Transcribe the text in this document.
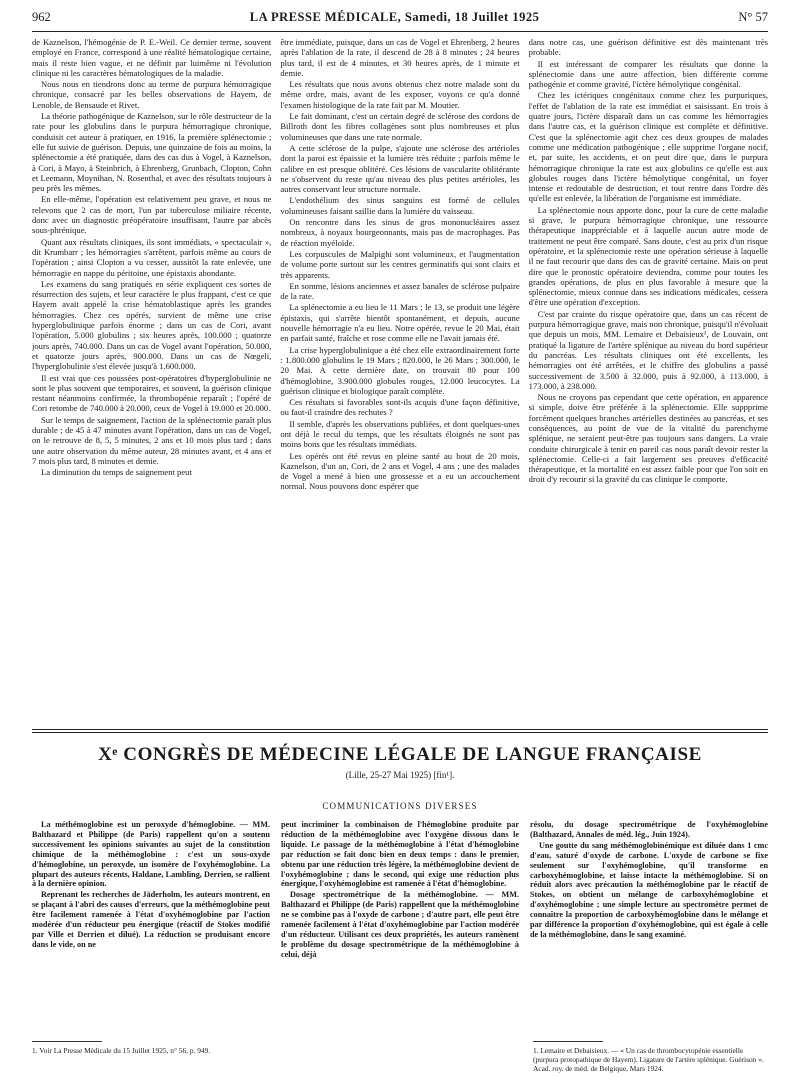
962	LA PRESSE MÉDICALE, Samedi, 18 Juillet 1925	N° 57

de Kaznelson, l'hémogénie de P. E.-Weil. Ce dernier terme, souvent employé en France, correspond à une réalité hématologique certaine, mais il reste bien vague, et ne définit par luimême ni l'évolution clinique ni les caractères hématologiques de la maladie.

Nous nous en tiendrons donc au terme de purpura hémorragique chronique, consacré par les belles observations de Hayem, de Lenoble, de Bensaude et Rivet.

La théorie pathogénique de Kaznelson, sur le rôle destructeur de la rate pour les globulins dans le purpura hémorragique chronique, conduisit cet auteur à pratiquer, en 1916, la première splénectomie ; elle fut suivie de guérison. Depuis, une quinzaine de fois au moins, la splénectomie a été pratiquée, dans des cas dus à Vogel, à Kaznelson, à Cori, à Mayo, à Steinbrich, à Ehrenberg, Grunbach, Clopton, Cohn et Leemann, Moynihan, N. Rosenthal, et avec des résultats toujours à peu près les mêmes.

En elle-même, l'opération est relativement peu grave, et nous ne relevons que 2 cas de mort, l'un par tuberculose miliaire récente, donc avec un diagnostic préopératoire insuffisant, l'autre par abcès sous-phrénique.

Quant aux résultats cliniques, ils sont immédiats, « spectaculair », dit Krumbarr ; les hémorragies s'arrêtent, parfois même au cours de l'opération ; ainsi Clopton a vu cesser, aussitôt la rate enlevée, une hémorragie en nappe du péritoine, une épistaxis abondante.

Les examens du sang pratiqués en série expliquent ces sortes de résurrection des sujets, et leur caractère le plus frappant, c'est ce que Hayem avait appelé la crise hématoblastique après les grandes hémorragies. Chez ces opérés, survient de même une crise hyperglobulinique parfois énorme ; dans un cas de Cori, avant l'opération, 5.000 globulins ; six heures après, 100.000 ; quatorze jours après, 740.000. Dans un cas de Vogel avant l'opération, 50.000, et quatorze jours après, 900.000. Dans un cas de Nœgeli, l'hyperglobulinie s'est élevée jusqu'à 1.600.000.

Il est vrai que ces poussées post-opératoires d'hyperglobulinie ne sont le plus souvent que temporaires, et souvent, la guérison clinique restant néanmoins confirmée, la thrombopénie reparaît ; l'opéré de Cori retombe de 740.000 à 20.000, ceux de Vogel à 19.000 et 20.000.

Sur le temps de saignement, l'action de la splénectomie paraît plus durable ; de 45 à 47 minutes avant l'opération, dans un cas de Vogel, on le retrouve de 8, 5, 5 minutes, 2 ans et 10 mois plus tard ; dans une autre observation du même auteur, 28 minutes avant, et 4 ans et 7 mois plus tard, 8 minutes et demie.

La diminution du temps de saignement peut

être immédiate, puisque, dans un cas de Vogel et Ehrenberg, 2 heures après l'ablation de la rate, il descend de 28 à 8 minutes ; 24 heures plus tard, il est de 4 minutes, et 30 heures après, de 1 minute et demie.

Les résultats que nous avons obtenus chez notre malade sont du même ordre, mais, avant de les exposer, voyons ce qu'a donné l'examen histologique de la rate fait par M. Moutier.

Le fait dominant, c'est un certain degré de sclérose des cordons de Billroth dont les fibres collagènes sont plus nombreuses et plus volumineuses que dans une rate normale.

A cette sclérose de la pulpe, s'ajoute une sclérose des artérioles dont la paroi est épaissie et la lumière très réduite ; parfois même le calibre en est presque oblitéré. Ces lésions de vascularite oblitérante ne s'observent du reste qu'au niveau des plus petites artérioles, les autres conservant leur structure normale.

L'endothélium des sinus sanguins est formé de cellules volumineuses faisant saillie dans la lumière du vaisseau.

On rencontre dans les sinus de gros mononucléaires assez nombreux, à noyaux bourgeonnants, mais pas de macrophages. Pas de réaction myéloïde.

Les corpuscules de Malpighi sont volumineux, et l'augmentation de volume porte surtout sur les centres germinatifs qui sont clairs et très apparents.

En somme, lésions anciennes et assez banales de sclérose pulpaire de la rate.

La splénectomie a eu lieu le 11 Mars ; le 13, se produit une légère épistaxis, qui s'arrête bientôt spontanément, et depuis, aucune nouvelle hémorragie n'a eu lieu. Notre opérée, revue le 20 Mai, était en parfait santé, fraîche et rose comme elle ne l'avait jamais été.

La crise hyperglobulinique a été chez elle extraordinairement forte : 1.800.000 globulins le 19 Mars ; 820.000, le 26 Mars ; 300.000, le 20 Mai. A cette dernière date, on trouvait 80 pour 100 d'hémoglobine, 3.900.000 globules rouges, 12.000 leucocytes. La guérison clinique et biologique paraît complète.

Ces résultats si favorables sont-ils acquis d'une façon définitive, ou faut-il craindre des rechutes ?

Il semble, d'après les observations publiées, et dont quelques-unes ont déjà le recul du temps, que les résultats éloignés ne sont pas moins bons que les résultats immédiats.

Les opérés ont été revus en pleine santé au bout de 20 mois, Kaznelson, d'un an, Cori, de 2 ans et Vogel, 4 ans ; une des malades de Vogel a mené à bien une grossesse et a eu un accouchement normal. Nous pouvons donc espérer que

dans notre cas, une guérison définitive est dès maintenant très probable.

Il est intéressant de comparer les résultats que donne la splénectomie dans une autre affection, bien différente comme pathogénie et comme gravité, l'ictère hémolytique congénital.

Chez les ictériques congénitaux comme chez les purpuriques, l'effet de l'ablation de la rate est immédiat et saisissant. En trois à quatre jours, l'ictère disparaît dans un cas comme les hémorragies dans l'autre cas, et la guérison clinique est complète et définitive. C'est que la splénectomie agit chez ces deux groupes de malades comme une médication pathogénique ; elle supprime l'organe nocif, et, par suite, les accidents, et on peut dire que, dans le purpura hémorragique chronique la rate est aux globulins ce qu'elle est aux globules rouges dans l'ictère hémolytique congénital, un foyer intense et redoutable de destruction, et tout rentre dans l'ordre dès qu'elle est enlevée, la libération de l'organisme est immédiate.

La splénectomie nous apporte donc, pour la cure de cette maladie si grave, le purpura hémorragique chronique, une ressource thérapeutique inappréciable et à laquelle aucun autre mode de traitement ne peut être comparé. Sans doute, c'est au prix d'un risque opératoire, et la splénectomie reste une opération sérieuse à laquelle il ne faut recourir que dans des cas de gravité certaine. Mais on peut dire que le pronostic opératoire deviendra, comme pour toutes les grandes opérations, de plus en plus favorable à mesure que la splénectomie, mieux connue dans ses indications médicales, cessera d'être une opération d'exception.

C'est par crainte du risque opératoire que, dans un cas récent de purpura hémorragique grave, mais non chronique, puisqu'il n'évoluait que depuis un mois, MM. Lemaire et Debaisieux¹, de Louvain, ont pratiqué la ligature de l'artère splénique au niveau du bord supérieur du pancréas. Les résultats cliniques ont été excellents, les hémorragies ont été arrêtées, et le chiffre des globulins a passé successivement de 3.500 à 32.000, puis à 92.000, à 113.000, à 173.000, à 238.000.

Nous ne croyons pas cependant que cette opération, en apparence si simple, doive être préférée à la splénectomie. Elle suppprime forcément quelques branches artérielles destinées au pancréas, et ses conséquences, au point de vue de la vitalité du parenchyme splénique, ne seraient peut-être pas toujours sans dangers. La vraie conduite chirurgicale à tenir en pareil cas nous paraît devoir rester la splénectomie. Celle-ci a fait largement ses preuves d'efficacité thérapeutique, et la mortalité en est assez faible pour que l'on soit en droit d'y recourir si la gravité du cas clinique le comporte.

Xᵉ CONGRÈS DE MÉDECINE LÉGALE DE LANGUE FRANÇAISE
(Lille, 25-27 Mai 1925) [fin¹].
COMMUNICATIONS DIVERSES

La méthémoglobine est un peroxyde d'hémoglobine. — MM. Balthazard et Philippe (de Paris) rappellent qu'on a soutenu successivement les opinions suivantes au sujet de la constitution chimique de la méthémoglobine : c'est un sous-oxyde d'hémoglobine, un peroxyde, un isomère de l'oxyhémoglobine. La plupart des auteurs récents, Haldane, Lambling, Derrien, se rallient à la dernière opinion.

Reprenant les recherches de Jäderholm, les auteurs montrent, en se plaçant à l'abri des causes d'erreurs, que la méthémoglobine peut être facilement ramenée à l'état d'oxyhémoglobine par l'action modérée d'un réducteur peu énergique (réactif de Stokes modifié par Ville et Derrien et dilué). La réduction se produisant encore dans le vide, on ne

peut incriminer la combinaison de l'hémoglobine produite par réduction de la méthémoglobine avec l'oxygène dissous dans le liquide. Le passage de la méthémoglobine à l'état d'hémoglobine par réduction se fait donc bien en deux temps : dans le premier, obtenu par une réduction très légère, la méthémoglobine devient de l'oxyhémoglobine ; dans le second, qui exige une réduction plus énergique, l'oxyhémoglobine est ramenée à l'état d'hémoglobine.

Dosage spectrométrique de la méthémoglobine. — MM. Balthazard et Philippe (de Paris) rappellent que la méthémoglobine ne se combine pas à l'oxyde de carbone ; d'autre part, elle peut être ramenée facilement à l'état d'oxyhémoglobine par l'action modérée d'un réducteur. Utilisant ces deux propriétés, les auteurs ramènent le problème du dosage spectrométrique de la méthémoglobine à celui, déjà

résolu, du dosage spectrométrique de l'oxyhémoglobine (Balthazard, Annales de méd. lég., Juin 1924).

Une goutte du sang méthémoglobinémique est diluée dans 1 cmc d'eau, saturé d'oxyde de carbone. L'oxyde de carbone se fixe seulement sur l'oxyhémoglobine, qu'il transforme en carboxyhémoglobine, et laisse intacte la méthémoglobine. Si on réduit alors avec précaution la méthémoglobine par le réactif de Stokes, on obtient un mélange de carboxyhémoglobine et d'oxyhémoglobine ; une simple lecture au spectromètre permet de connaître la proportion de carboxyhémoglobine dans le mélange et par différence la proportion d'oxyhémoglobine, qui est égale à celle de la méthémoglobine, dans le sang examiné.

1. Voir La Presse Médicale du 15 Juillet 1925, n° 56, p. 949.	1. Lemaire et Debaisieux. — « Un cas de thrombocytopénie essentielle (purpura protopathique de Hayem). Ligature de l'artère splénique. Guérison ». Acad. roy. de méd. de Belgique, Mars 1924.
